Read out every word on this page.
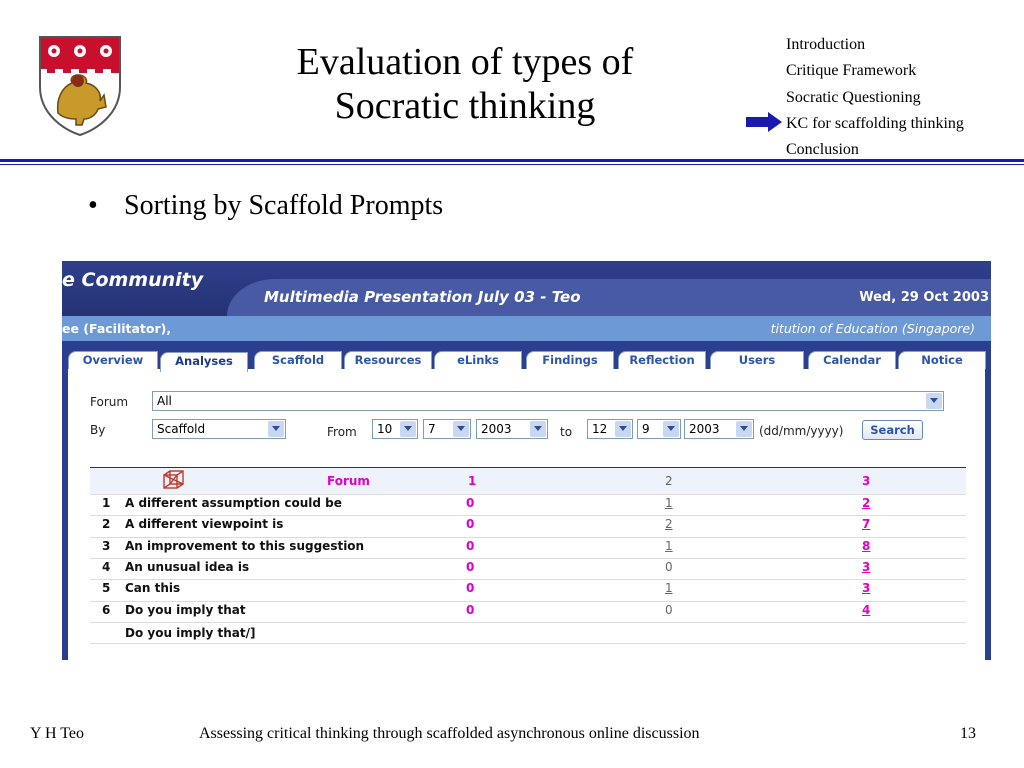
Evaluation of types of
Socratic thinking
Introduction
Critique Framework
Socratic Questioning
KC for scaffolding thinking
Conclusion
• Sorting by Scaffold Prompts
e Community
Multimedia Presentation July 03 - Teo	Wed, 29 Oct 2003
ee (Facilitator),	titution of Education (Singapore)
Overview	Analyses	Scaffold	Resources	eLinks	Findings	Reflection	Users	Calendar	Notice
Forum	All
By	Scaffold	From	10	7	2003	to	12	9	2003	(dd/mm/yyyy)	Search
Forum	1	2	3
1 A different assumption could be	0	1	2
2 A different viewpoint is	0	2	7
3 An improvement to this suggestion	0	1	8
4 An unusual idea is	0	0	3
5 Can this	0	1	3
6 Do you imply that	0	0	4
Do you imply that/]
Y H Teo	Assessing critical thinking through scaffolded asynchronous online discussion	13
